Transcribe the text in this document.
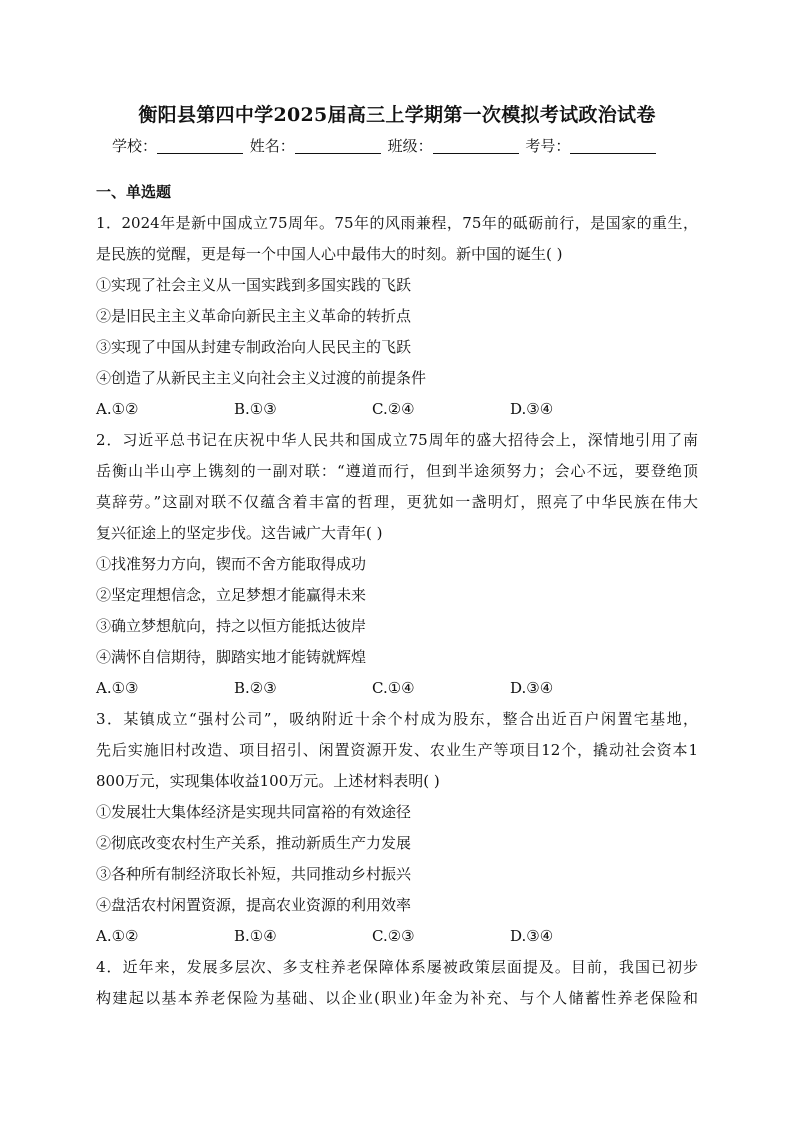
衡阳县第四中学2025届高三上学期第一次模拟考试政治试卷
学校：	姓名：	班级：	考号：
一、单选题
1．2024年是新中国成立75周年。75年的风雨兼程，75年的砥砺前行，是国家的重生，
是民族的觉醒，更是每一个中国人心中最伟大的时刻。新中国的诞生( )
①实现了社会主义从一国实践到多国实践的飞跃
②是旧民主主义革命向新民主主义革命的转折点
③实现了中国从封建专制政治向人民民主的飞跃
④创造了从新民主主义向社会主义过渡的前提条件
A.①②	B.①③	C.②④	D.③④
2．习近平总书记在庆祝中华人民共和国成立75周年的盛大招待会上，深情地引用了南
岳衡山半山亭上镌刻的一副对联：“遵道而行，但到半途须努力；会心不远，要登绝顶
莫辞劳。”这副对联不仅蕴含着丰富的哲理，更犹如一盏明灯，照亮了中华民族在伟大
复兴征途上的坚定步伐。这告诫广大青年( )
①找准努力方向，锲而不舍方能取得成功
②坚定理想信念，立足梦想才能赢得未来
③确立梦想航向，持之以恒方能抵达彼岸
④满怀自信期待，脚踏实地才能铸就辉煌
A.①③	B.②③	C.①④	D.③④
3．某镇成立“强村公司”，吸纳附近十余个村成为股东，整合出近百户闲置宅基地，
先后实施旧村改造、项目招引、闲置资源开发、农业生产等项目12个，撬动社会资本1
800万元，实现集体收益100万元。上述材料表明( )
①发展壮大集体经济是实现共同富裕的有效途径
②彻底改变农村生产关系，推动新质生产力发展
③各种所有制经济取长补短，共同推动乡村振兴
④盘活农村闲置资源，提高农业资源的利用效率
A.①②	B.①④	C.②③	D.③④
4．近年来，发展多层次、多支柱养老保障体系屡被政策层面提及。目前，我国已初步
构建起以基本养老保险为基础、以企业(职业)年金为补充、与个人储蓄性养老保险和
